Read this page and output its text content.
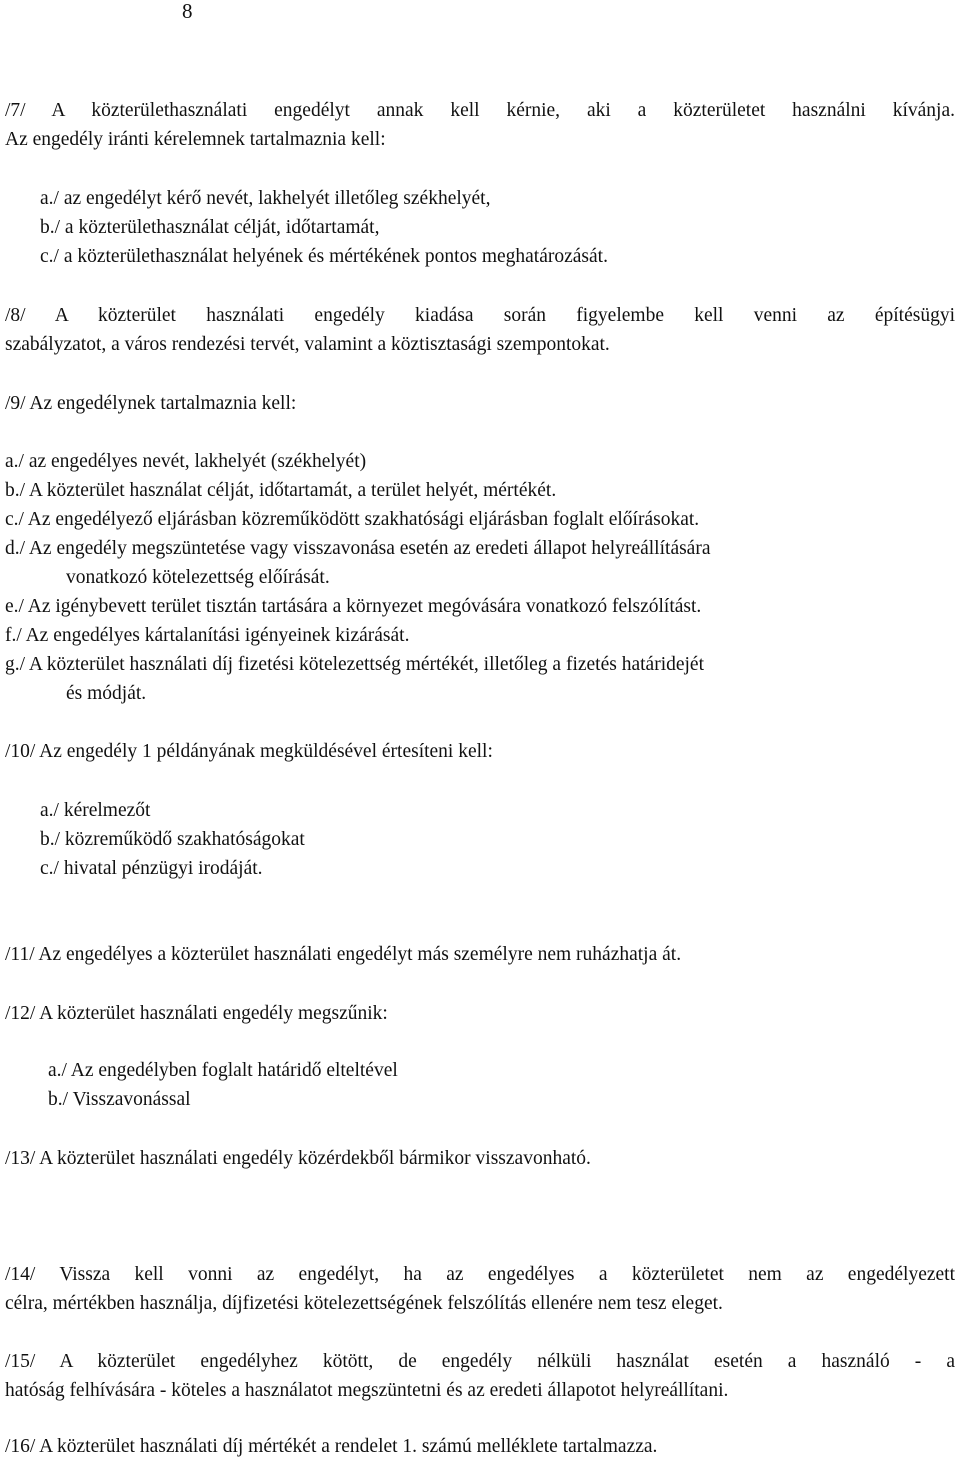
8
/7/ A közterülethasználati engedélyt annak kell kérnie, aki a közterületet használni kívánja.
Az engedély iránti kérelemnek tartalmaznia kell:
a./ az engedélyt kérő nevét, lakhelyét illetőleg székhelyét,
b./ a közterülethasználat célját, időtartamát,
c./ a közterülethasználat helyének és mértékének pontos meghatározását.
/8/ A közterület használati engedély kiadása során figyelembe kell venni az építésügyi
szabályzatot, a város rendezési tervét, valamint a köztisztasági szempontokat.
/9/ Az engedélynek tartalmaznia kell:
a./ az engedélyes nevét, lakhelyét (székhelyét)
b./ A közterület használat célját, időtartamát, a terület helyét, mértékét.
c./ Az engedélyező eljárásban közreműködött szakhatósági eljárásban foglalt előírásokat.
d./ Az engedély megszüntetése vagy visszavonása esetén az eredeti állapot helyreállítására
vonatkozó kötelezettség előírását.
e./ Az igénybevett terület tisztán tartására a környezet megóvására vonatkozó felszólítást.
f./ Az engedélyes kártalanítási igényeinek kizárását.
g./ A közterület használati díj fizetési kötelezettség mértékét, illetőleg a fizetés határidejét
és módját.
/10/ Az engedély 1 példányának megküldésével értesíteni kell:
a./ kérelmezőt
b./ közreműködő szakhatóságokat
c./ hivatal pénzügyi irodáját.
/11/ Az engedélyes a közterület használati engedélyt más személyre nem ruházhatja át.
/12/ A közterület használati engedély megszűnik:
a./ Az engedélyben foglalt határidő elteltével
b./ Visszavonással
/13/ A közterület használati engedély közérdekből bármikor visszavonható.
/14/ Vissza kell vonni az engedélyt, ha az engedélyes a közterületet nem az engedélyezett
célra, mértékben használja, díjfizetési kötelezettségének felszólítás ellenére nem tesz eleget.
/15/ A közterület engedélyhez kötött, de engedély nélküli használat esetén a használó - a
hatóság felhívására - köteles a használatot megszüntetni és az eredeti állapotot helyreállítani.
/16/ A közterület használati díj mértékét a rendelet 1. számú melléklete tartalmazza.
